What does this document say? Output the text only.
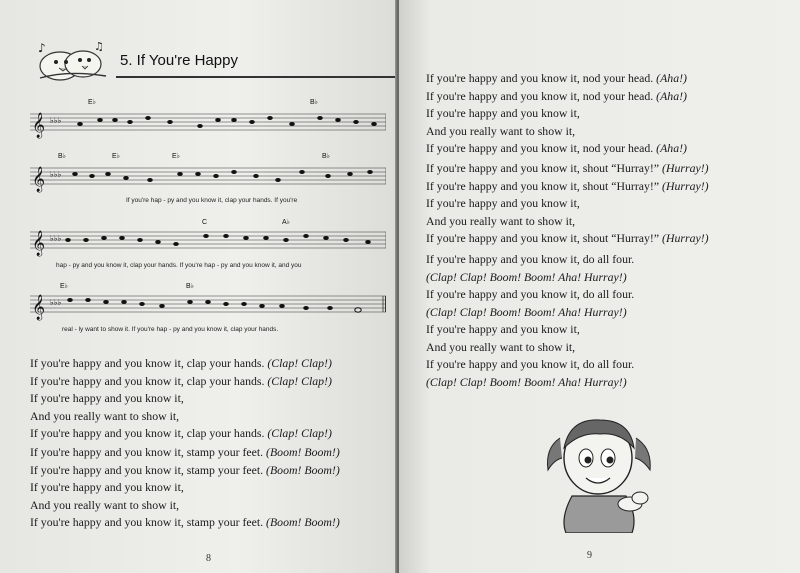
♪	♫
5. If You're Happy
𝄞 ♭♭♭
E♭	B♭
𝄞 ♭♭♭
B♭	E♭	E♭	B♭
If you're hap - py and you know it, clap your hands. If you're
𝄞 ♭♭♭
C	A♭
hap - py and you know it, clap your hands. If you're hap - py and you know it, and you
𝄞 ♭♭♭
E♭	B♭
real - ly want to show it. If you're hap - py and you know it, clap your hands.
If you're happy and you know it, clap your hands. (Clap! Clap!)
If you're happy and you know it, clap your hands. (Clap! Clap!)
If you're happy and you know it,
And you really want to show it,
If you're happy and you know it, clap your hands. (Clap! Clap!)
If you're happy and you know it, stamp your feet. (Boom! Boom!)
If you're happy and you know it, stamp your feet. (Boom! Boom!)
If you're happy and you know it,
And you really want to show it,
If you're happy and you know it, stamp your feet. (Boom! Boom!)
8
If you're happy and you know it, nod your head. (Aha!)
If you're happy and you know it, nod your head. (Aha!)
If you're happy and you know it,
And you really want to show it,
If you're happy and you know it, nod your head. (Aha!)
If you're happy and you know it, shout “Hurray!” (Hurray!)
If you're happy and you know it, shout “Hurray!” (Hurray!)
If you're happy and you know it,
And you really want to show it,
If you're happy and you know it, shout “Hurray!” (Hurray!)
If you're happy and you know it, do all four.
(Clap! Clap! Boom! Boom! Aha! Hurray!)
If you're happy and you know it, do all four.
(Clap! Clap! Boom! Boom! Aha! Hurray!)
If you're happy and you know it,
And you really want to show it,
If you're happy and you know it, do all four.
(Clap! Clap! Boom! Boom! Aha! Hurray!)
9
